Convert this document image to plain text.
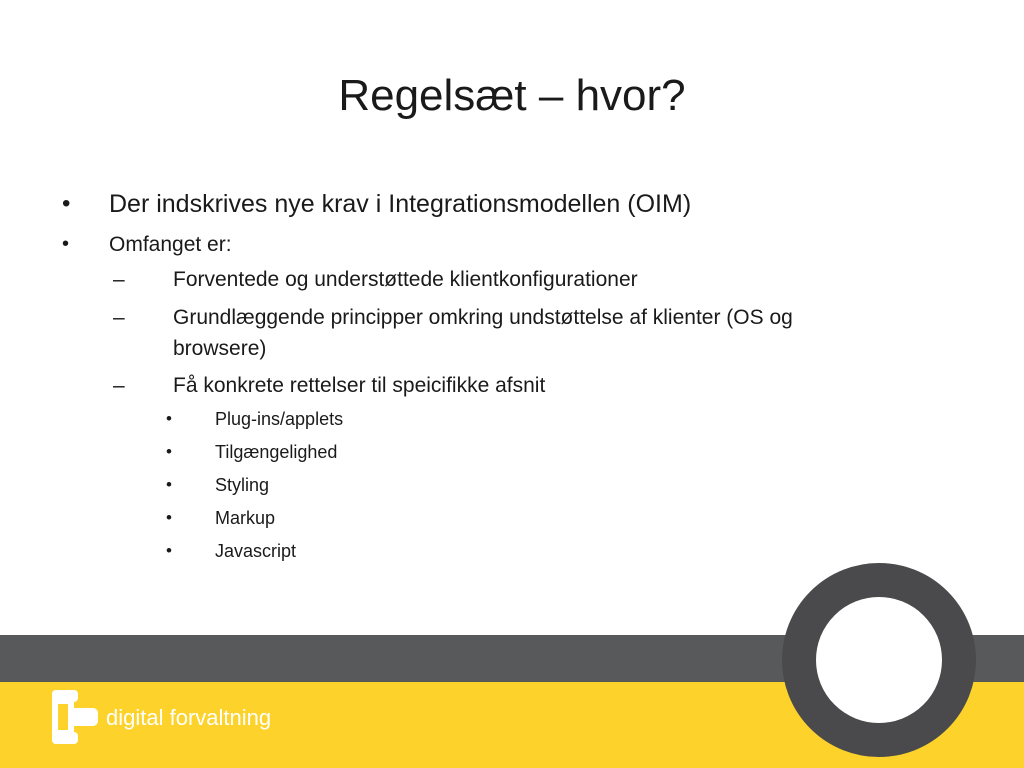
Regelsæt – hvor?
• Der indskrives nye krav i Integrationsmodellen (OIM)
• Omfanget er:
– Forventede og understøttede klientkonfigurationer
– Grundlæggende principper omkring undstøttelse af klienter (OS og
browsere)
– Få konkrete rettelser til speicifikke afsnit
• Plug-ins/applets
• Tilgængelighed
• Styling
• Markup
• Javascript
digital forvaltning
